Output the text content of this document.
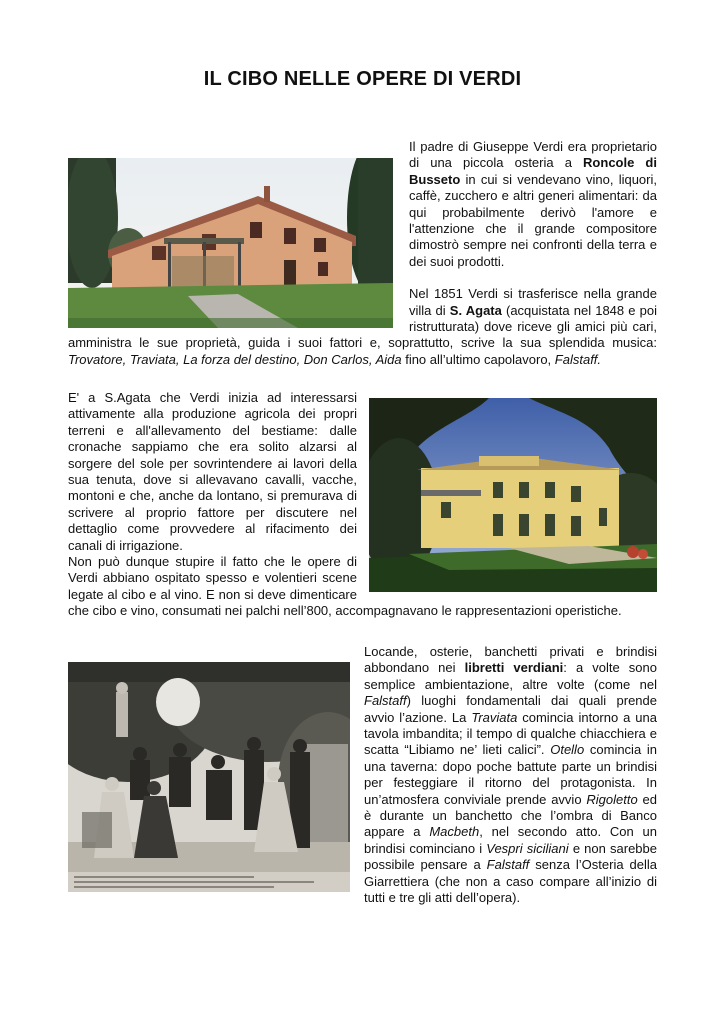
IL CIBO NELLE OPERE DI VERDI

Il padre di Giuseppe Verdi era proprietario di una piccola osteria a Roncole di Busseto in cui si vendevano vino, liquori, caffè, zucchero e altri generi alimentari: da qui probabilmente derivò l'amore e l'attenzione che il grande compositore dimostrò sempre nei confronti della terra e dei suoi prodotti.

Nel 1851 Verdi si trasferisce nella grande villa di S. Agata (acquistata nel 1848 e poi ristrutturata) dove riceve gli amici più cari, amministra le sue proprietà, guida i suoi fattori e, soprattutto, scrive la sua splendida musica: Trovatore, Traviata, La forza del destino, Don Carlos, Aida fino all’ultimo capolavoro, Falstaff.

E' a S.Agata che Verdi inizia ad interessarsi attivamente alla produzione agricola dei propri terreni e all'allevamento del bestiame: dalle cronache sappiamo che era solito alzarsi al sorgere del sole per sovrintendere ai lavori della sua tenuta, dove si allevavano cavalli, vacche, montoni e che, anche da lontano, si premurava di scrivere al proprio fattore per discutere nel dettaglio come provvedere al rifacimento dei canali di irrigazione.

Non può dunque stupire il fatto che le opere di Verdi abbiano ospitato spesso e volentieri scene legate al cibo e al vino. E non si deve dimenticare che cibo e vino, consumati nei palchi nell’800, accompagnavano le rappresentazioni operistiche.

Locande, osterie, banchetti privati e brindisi abbondano nei libretti verdiani: a volte sono semplice ambientazione, altre volte (come nel Falstaff) luoghi fondamentali dai quali prende avvio l’azione. La Traviata comincia intorno a una tavola imbandita; il tempo di qualche chiacchiera e scatta “Libiamo ne’ lieti calici”. Otello comincia in una taverna: dopo poche battute parte un brindisi per festeggiare il ritorno del protagonista. In un’atmosfera conviviale prende avvio Rigoletto ed è durante un banchetto che l’ombra di Banco appare a Macbeth, nel secondo atto. Con un brindisi cominciano i Vespri siciliani e non sarebbe possibile pensare a Falstaff senza l’Osteria della Giarrettiera (che non a caso compare all’inizio di tutti e tre gli atti dell’opera).
